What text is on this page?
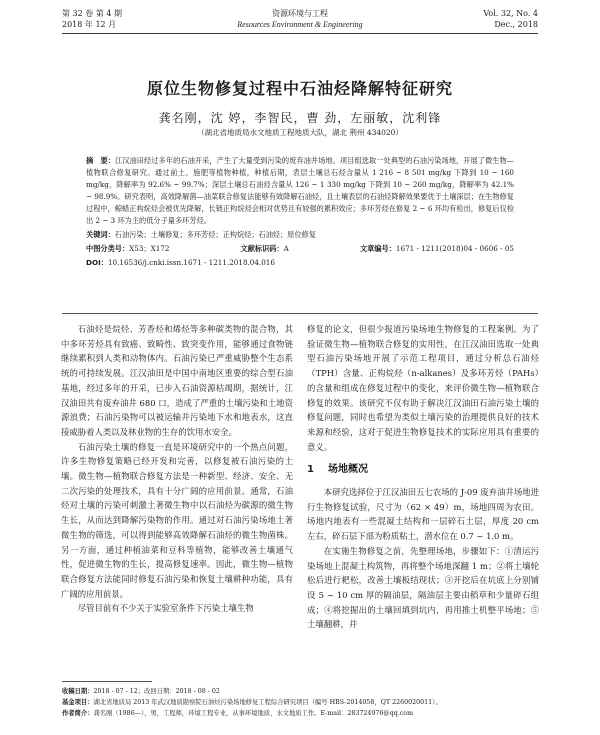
第 32 卷 第 4 期
2018 年 12 月
资源环境与工程
Resources Environment & Engineering
Vol. 32, No. 4
Dec., 2018
原位生物修复过程中石油烃降解特征研究
龚名刚，沈 婷，李智民，曹 劲，左丽敏，沈利锋
（湖北省地质局水文地质工程地质大队，湖北 荆州 434020）
摘　要：江汉油田经过多年的石油开采，产生了大量受到污染的废弃油井场地。项目组选取一处典型的石油污染场地，开展了微生物—植物联合修复研究。通过前土、施肥等植物种植，种植后期，表层土壤总石烃含量从 1 216 ~ 8 501 mg/kg 下降到 10 ~ 160 mg/kg，降解率为 92.6% ~ 99.7%；深层土壤总石油烃含量从 126 ~ 1 330 mg/kg 下降到 10 ~ 260 mg/kg，降解率为 42.1% ~ 98.9%。研究表明，高效降解菌—油菜联合修复法能够有效降解石油烃，且土壤表层的石油烃降解效果要优于土壤深层；在生物修复过程中，鲸蜡正构烷烃会被优先降解，长链正构烷烃会相对优势且有较强的累积效应；多环芳烃在修复 2 ~ 6 环均有检出，修复后仅检出 2 ~ 3 环为主的低分子量多环芳烃。
关键词：石油污染；土壤修复；多环芳烃；正构烷烃；石油烃；原位修复
中图分类号：X53；X172	文献标识码：A	文章编号：1671 - 1211(2018)04 - 0606 - 05
DOI：10.16536/j.cnki.issn.1671 - 1211.2018.04.016

石油烃是烷烃、芳香烃和烯烃等多种碳类物的混合物，其中多环芳烃具有致癌、致畸性、致突变作用，能够通过食物链继续累积到人类和动物体内。石油污染已严重威胁整个生态系统的可持续发展。江汉油田是中国中南地区重要的综合型石油基地，经过多年的开采，已步入石油资源枯竭期，据统计，江汉油田共有废弃油井 680 口，造成了严重的土壤污染和土地资源浪费；石油污染物可以被运输并污染地下水和地表水，这直接威胁着人类以及林业物的生存的饮用水安全。

石油污染土壤的修复一直是环境研究中的一个热点问题，许多生物修复策略已经开发和完善，以修复被石油污染的土壤。微生物—植物联合修复方法是一种新型、经济、安全、无二次污染的处理技术，具有十分广阔的应用前景。通常，石油烃对土壤的污染可刺激土著微生物中以石油烃为碳源的微生物生长，从而达到降解污染物的作用。通过对石油污染场地土著微生物的筛选，可以得到能够高效降解石油烃的微生物菌株。另一方面，通过种植油菜和豆科等植物，能够改善土壤通气性，促进微生物的生长，提高修复速率。因此，微生物—植物联合修复方法能同时修复石油污染和恢复土壤耕种功能，具有广阔的应用前景。

尽管目前有不少关于实验室条件下污染土壤生物

修复的论文，但很少报道污染场地生物修复的工程案例。为了验证微生物—植物联合修复的实用性，在江汉油田选取一处典型石油污染场地开展了示范工程项目，通过分析总石油烃（TPH）含量、正构烷烃（n-alkanes）及多环芳烃（PAHs）的含量和组成在修复过程中的变化，来评价微生物—植物联合修复的效果。该研究不仅有助于解决江汉油田石油污染土壤的修复问题，同时也希望为类似土壤污染的治理提供良好的技术来源和经验，这对于促进生物修复技术的实际应用具有重要的意义。

1 场地概况

本研究选择位于江汉油田五七农场的 J-09 废弃油井场地进行生物修复试验，尺寸为（62 × 49）m，场地四周为农田。场地内地表有一些混凝土结构和一层碎石土层，厚度 20 cm 左右，碎石层下部为粉质粘土，潜水位在 0.7 ~ 1.0 m。

在实施生物修复之前，先整理场地，步骤如下：①清运污染场地上混凝土构筑物，再将整个场地深翻 1 m；②将土壤轮松后进行耙松，改善土壤板结现状；③开挖后在坑底上分别铺设 5 ~ 10 cm 厚的隔油层，隔油层主要由稻草和少量碎石组成；④将挖掘出的土壤回填到坑内，再用推土机整平场地；⑤土壤翻耕，并

收稿日期：2018 - 07 - 12；改回日期：2018 - 08 - 02
基金项目：湖北省地质局 2013 年武汉地质勘察院石油烃污染场地修复工程综合研究项目（编号 HBS-2014058，QT 2260020011）。
作者简介：龚名刚（1986—），男，工程师，环境工程专业，从事环境地质、水文地质工作。E-mail：283724976@qq.com
